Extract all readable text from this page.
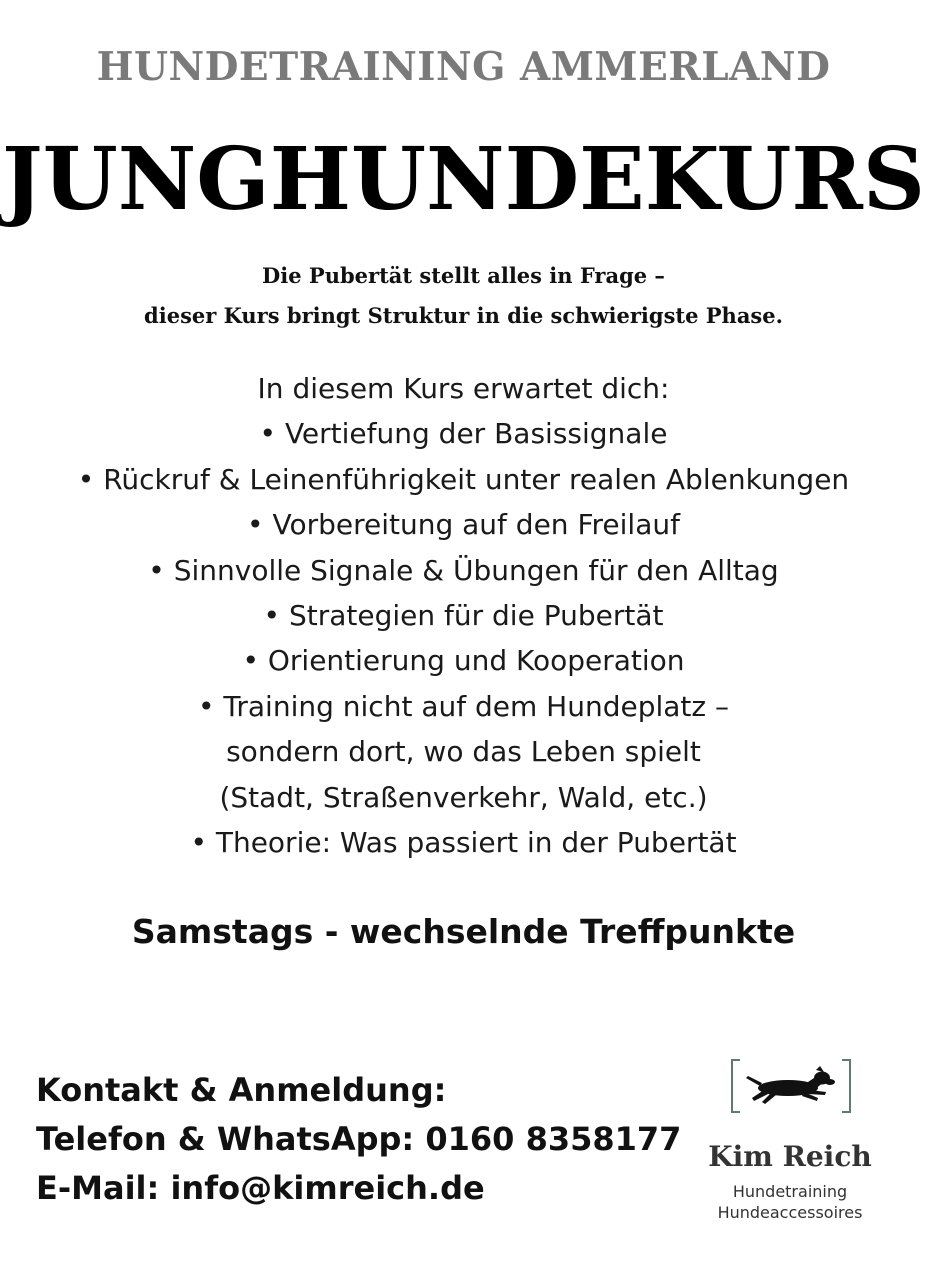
HUNDETRAINING AMMERLAND
JUNGHUNDEKURS
Die Pubertät stellt alles in Frage –
dieser Kurs bringt Struktur in die schwierigste Phase.
In diesem Kurs erwartet dich:
• Vertiefung der Basissignale
• Rückruf & Leinenführigkeit unter realen Ablenkungen
• Vorbereitung auf den Freilauf
• Sinnvolle Signale & Übungen für den Alltag
• Strategien für die Pubertät
• Orientierung und Kooperation
• Training nicht auf dem Hundeplatz –
sondern dort, wo das Leben spielt
(Stadt, Straßenverkehr, Wald, etc.)
• Theorie: Was passiert in der Pubertät
Samstags - wechselnde Treffpunkte
Kontakt & Anmeldung:
Telefon & WhatsApp: 0160 8358177
E-Mail: info@kimreich.de
Kim Reich
Hundetraining
Hundeaccessoires
